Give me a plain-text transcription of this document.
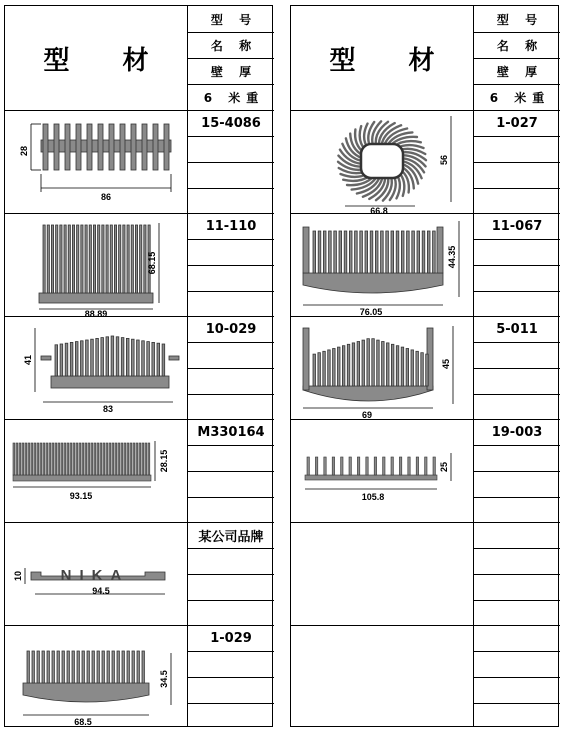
型 材
型 号
名 称
壁 厚
6 米重
15-4086
11-110
10-029
M330164
某公司品牌
1-029
28
86
68.15
88.89
41
83
28.15
93.15
NIKA
10
94.5
34.5
68.5
型 材
型 号
名 称
壁 厚
6 米重
1-027
11-067
5-011
19-003
56
66.8
44.35
76.05
45
69
25
105.8
